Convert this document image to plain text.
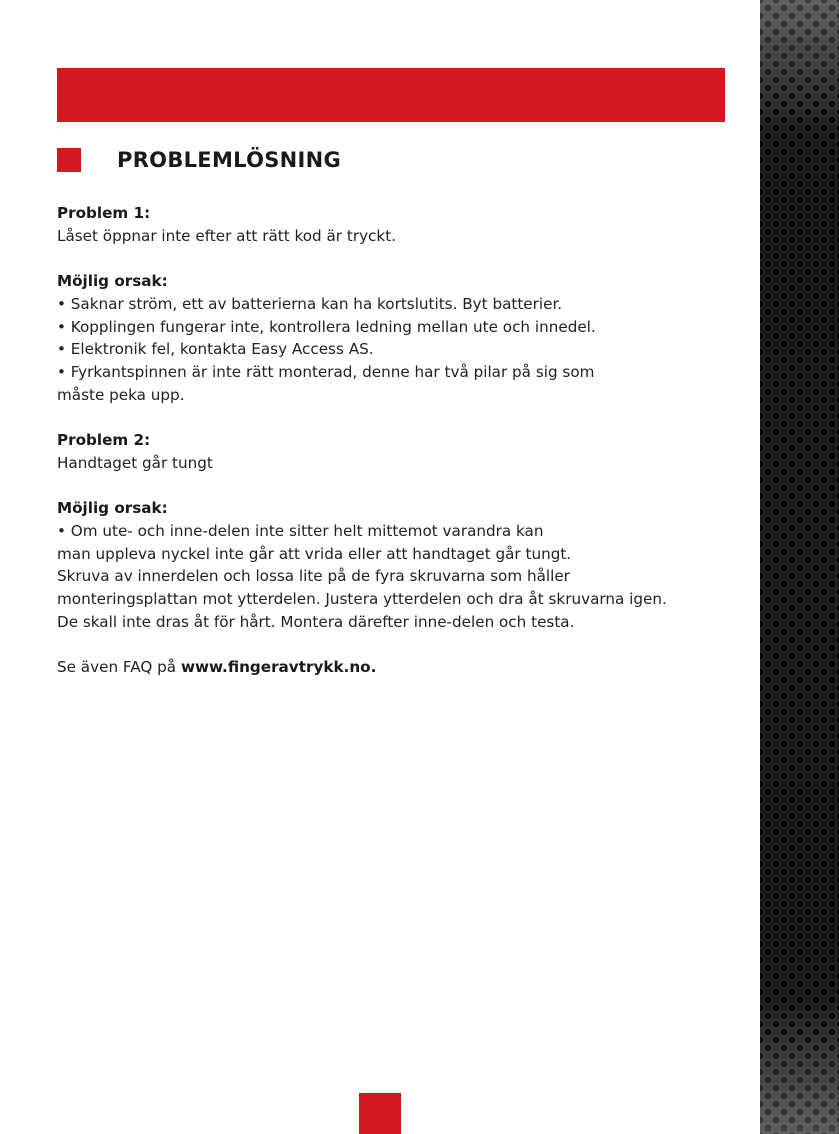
PROBLEMLÖSNING
Problem 1:
Låset öppnar inte efter att rätt kod är tryckt.
Möjlig orsak:
• Saknar ström, ett av batterierna kan ha kortslutits. Byt batterier.
• Kopplingen fungerar inte, kontrollera ledning mellan ute och innedel.
• Elektronik fel, kontakta Easy Access AS.
• Fyrkantspinnen är inte rätt monterad, denne har två pilar på sig som
måste peka upp.
Problem 2:
Handtaget går tungt
Möjlig orsak:
• Om ute- och inne-delen inte sitter helt mittemot varandra kan
man uppleva nyckel inte går att vrida eller att handtaget går tungt.
Skruva av innerdelen och lossa lite på de fyra skruvarna som håller
monteringsplattan mot ytterdelen. Justera ytterdelen och dra åt skruvarna igen.
De skall inte dras åt för hårt. Montera därefter inne-delen och testa.
Se även FAQ på www.fingeravtrykk.no.
